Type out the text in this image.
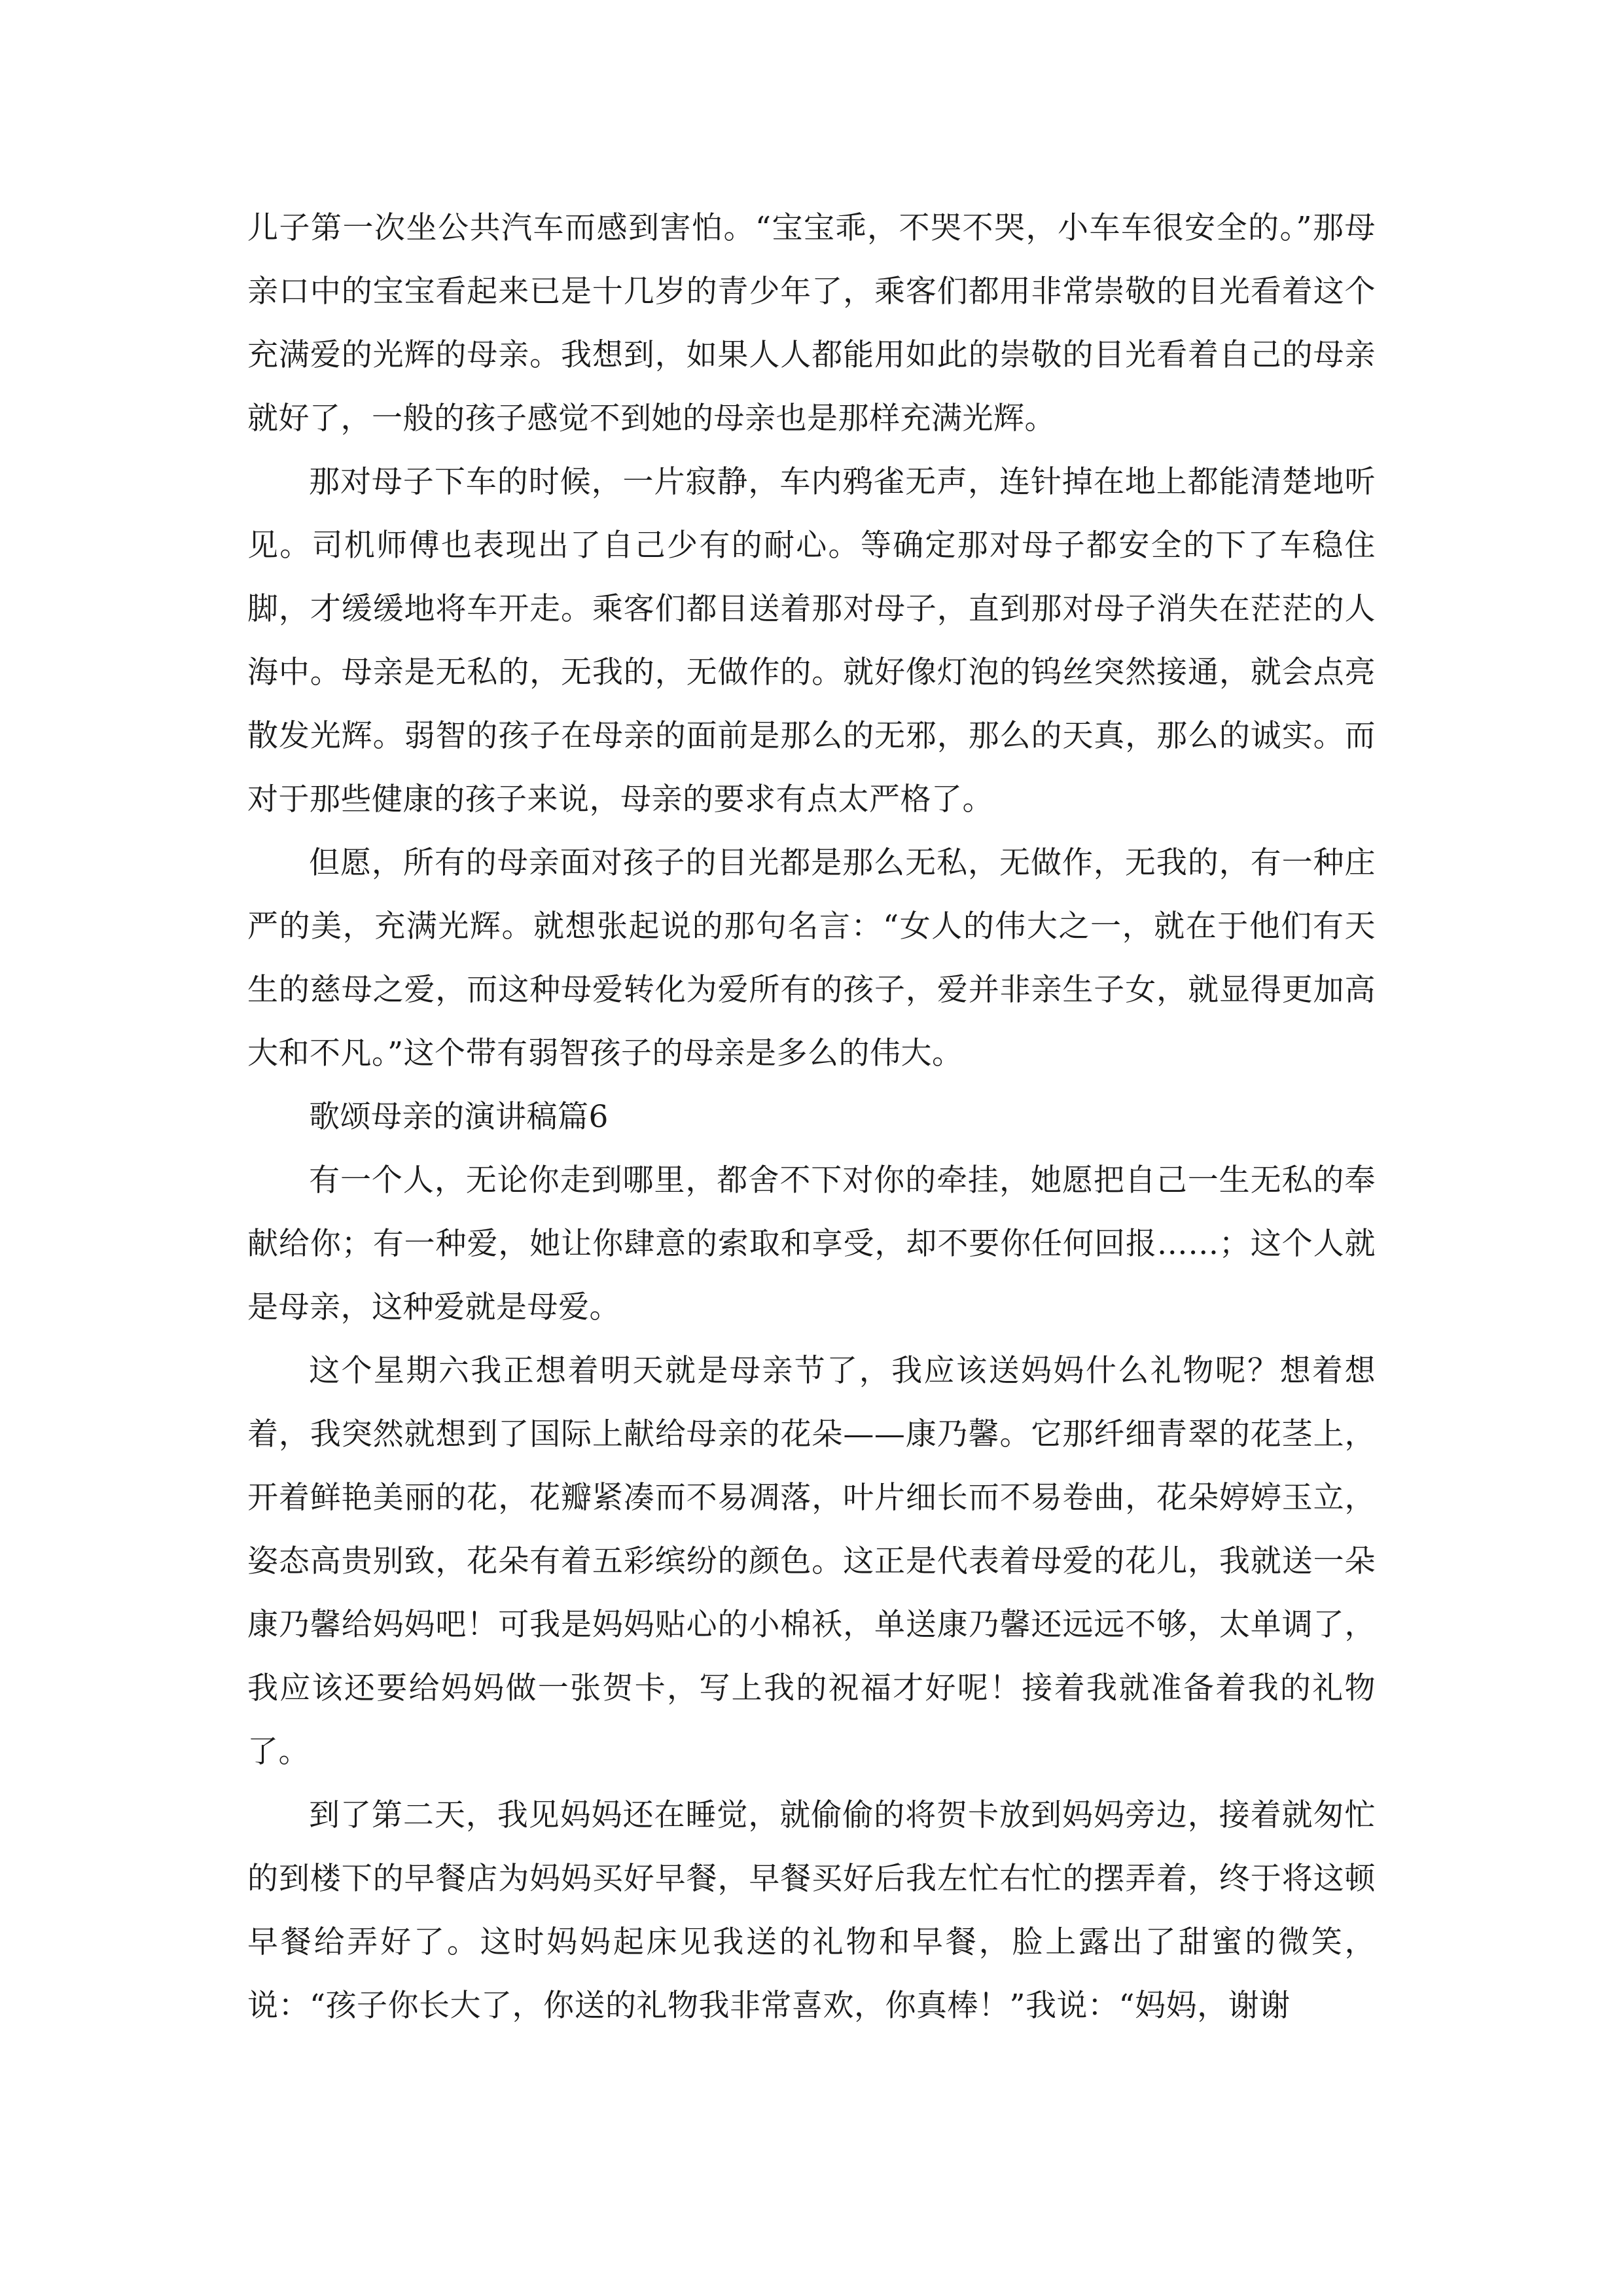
儿子第一次坐公共汽车而感到害怕。“宝宝乖，不哭不哭，小车车很安全的。”那母亲口中的宝宝看起来已是十几岁的青少年了，乘客们都用非常崇敬的目光看着这个充满爱的光辉的母亲。我想到，如果人人都能用如此的崇敬的目光看着自己的母亲就好了，一般的孩子感觉不到她的母亲也是那样充满光辉。

那对母子下车的时候，一片寂静，车内鸦雀无声，连针掉在地上都能清楚地听见。司机师傅也表现出了自己少有的耐心。等确定那对母子都安全的下了车稳住脚，才缓缓地将车开走。乘客们都目送着那对母子，直到那对母子消失在茫茫的人海中。母亲是无私的，无我的，无做作的。就好像灯泡的钨丝突然接通，就会点亮散发光辉。弱智的孩子在母亲的面前是那么的无邪，那么的天真，那么的诚实。而对于那些健康的孩子来说，母亲的要求有点太严格了。

但愿，所有的母亲面对孩子的目光都是那么无私，无做作，无我的，有一种庄严的美，充满光辉。就想张起说的那句名言：“女人的伟大之一，就在于他们有天生的慈母之爱，而这种母爱转化为爱所有的孩子，爱并非亲生子女，就显得更加高大和不凡。”这个带有弱智孩子的母亲是多么的伟大。

歌颂母亲的演讲稿篇6

有一个人，无论你走到哪里，都舍不下对你的牵挂，她愿把自己一生无私的奉献给你；有一种爱，她让你肆意的索取和享受，却不要你任何回报……；这个人就是母亲，这种爱就是母爱。

这个星期六我正想着明天就是母亲节了，我应该送妈妈什么礼物呢？想着想着，我突然就想到了国际上献给母亲的花朵——康乃馨。它那纤细青翠的花茎上，开着鲜艳美丽的花，花瓣紧凑而不易凋落，叶片细长而不易卷曲，花朵婷婷玉立，姿态高贵别致，花朵有着五彩缤纷的颜色。这正是代表着母爱的花儿，我就送一朵康乃馨给妈妈吧！可我是妈妈贴心的小棉袄，单送康乃馨还远远不够，太单调了，我应该还要给妈妈做一张贺卡，写上我的祝福才好呢！接着我就准备着我的礼物了。

到了第二天，我见妈妈还在睡觉，就偷偷的将贺卡放到妈妈旁边，接着就匆忙的到楼下的早餐店为妈妈买好早餐，早餐买好后我左忙右忙的摆弄着，终于将这顿早餐给弄好了。这时妈妈起床见我送的礼物和早餐，脸上露出了甜蜜的微笑，说：“孩子你长大了，你送的礼物我非常喜欢，你真棒！”我说：“妈妈，谢谢
